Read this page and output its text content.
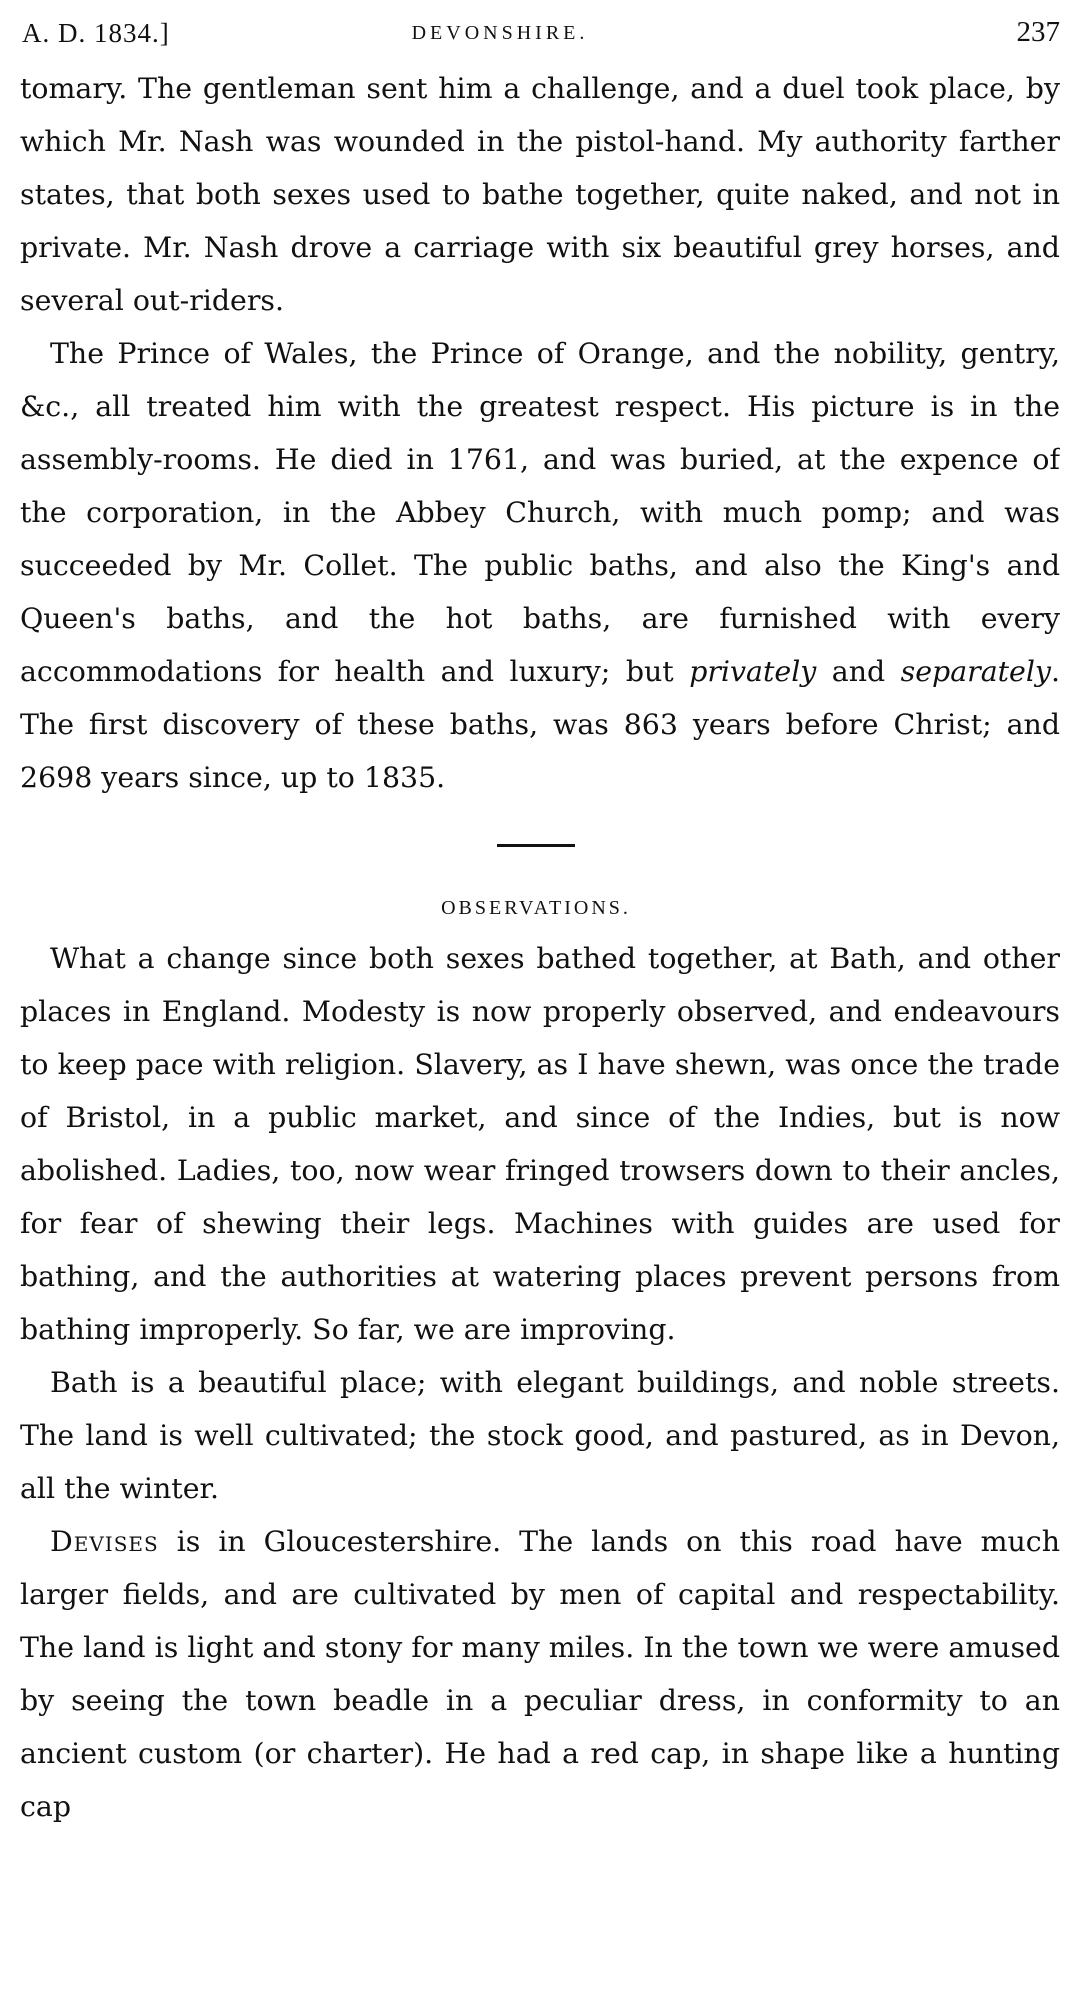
A. D. 1834.]	DEVONSHIRE.	237

tomary. The gentleman sent him a challenge, and a duel took place, by which Mr. Nash was wounded in the pistol-hand. My authority farther states, that both sexes used to bathe together, quite naked, and not in private. Mr. Nash drove a carriage with six beautiful grey horses, and several out-riders.

The Prince of Wales, the Prince of Orange, and the nobility, gentry, &c., all treated him with the greatest respect. His picture is in the assembly-rooms. He died in 1761, and was buried, at the expence of the corporation, in the Abbey Church, with much pomp; and was succeeded by Mr. Collet. The public baths, and also the King's and Queen's baths, and the hot baths, are furnished with every accommodations for health and luxury; but privately and separately. The first discovery of these baths, was 863 years before Christ; and 2698 years since, up to 1835.

OBSERVATIONS.

What a change since both sexes bathed together, at Bath, and other places in England. Modesty is now properly observed, and endeavours to keep pace with religion. Slavery, as I have shewn, was once the trade of Bristol, in a public market, and since of the Indies, but is now abolished. Ladies, too, now wear fringed trowsers down to their ancles, for fear of shewing their legs. Machines with guides are used for bathing, and the authorities at watering places prevent persons from bathing improperly. So far, we are improving.

Bath is a beautiful place; with elegant buildings, and noble streets. The land is well cultivated; the stock good, and pastured, as in Devon, all the winter.

Devises is in Gloucestershire. The lands on this road have much larger fields, and are cultivated by men of capital and respectability. The land is light and stony for many miles. In the town we were amused by seeing the town beadle in a peculiar dress, in conformity to an ancient custom (or charter). He had a red cap, in shape like a hunting cap
